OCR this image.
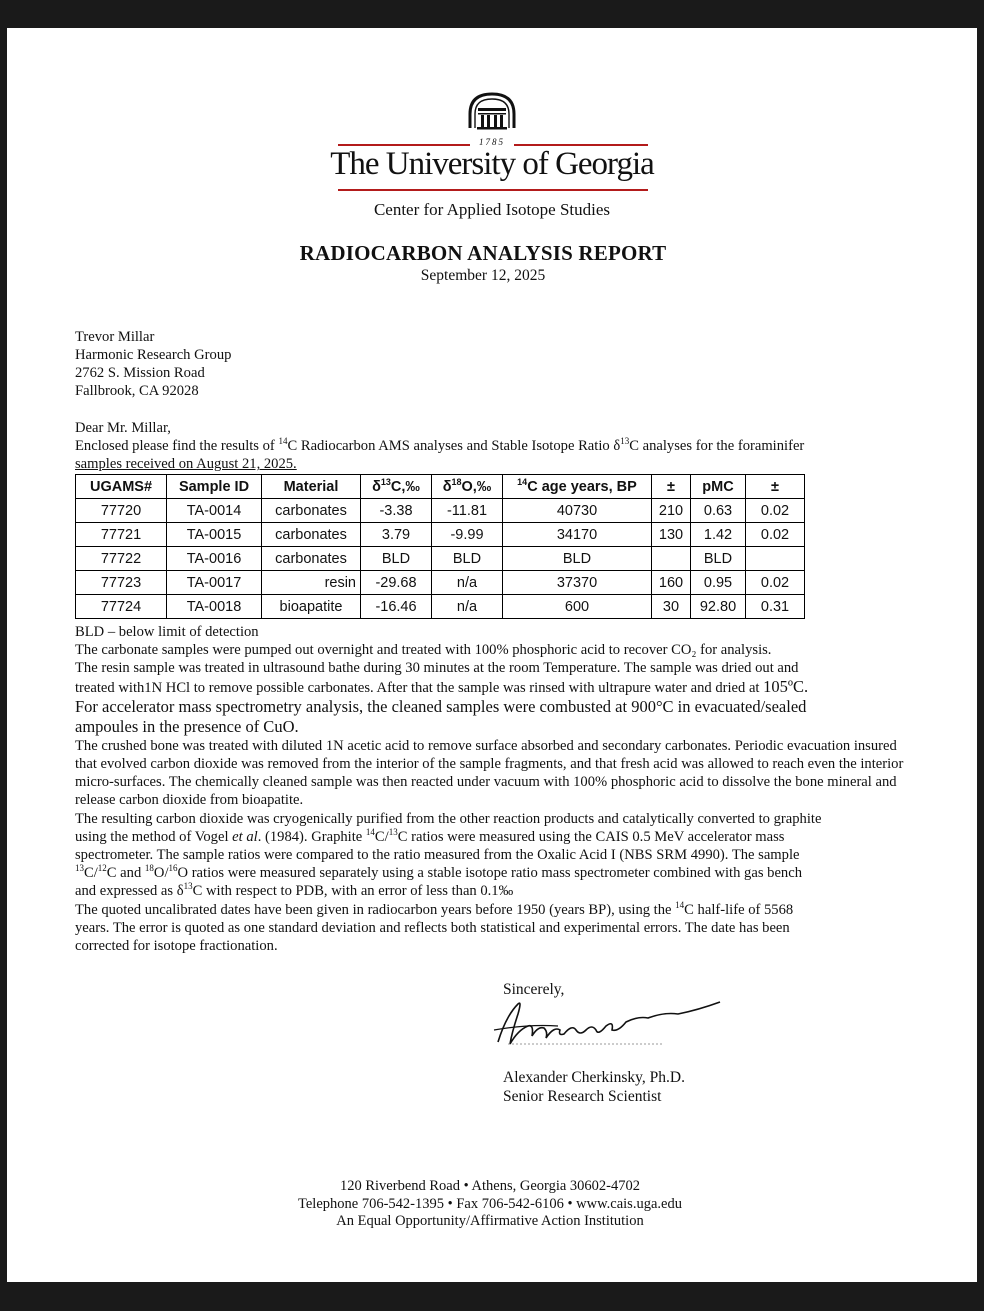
1785
The University of Georgia
Center for Applied Isotope Studies
RADIOCARBON ANALYSIS REPORT
September 12, 2025
Trevor Millar
Harmonic Research Group
2762 S. Mission Road
Fallbrook, CA 92028
Dear Mr. Millar,
Enclosed please find the results of $^{14}$C Radiocarbon AMS analyses and Stable Isotope Ratio $\delta^{13}C$ analyses for the foraminifer
samples received on August 21, 2025.
UGAMS#	Sample ID	Material	$\delta^{13}C,‰$	$\delta^{18}O,‰$	$^{14}$C age years, BP	±	pMC	±
77720	TA-0014	carbonates	-3.38	-11.81	40730	210	0.63	0.02
77721	TA-0015	carbonates	3.79	-9.99	34170	130	1.42	0.02
77722	TA-0016	carbonates	BLD	BLD	BLD		BLD	
77723	TA-0017	resin	-29.68	n/a	37370	160	0.95	0.02
77724	TA-0018	bioapatite	-16.46	n/a	600	30	92.80	0.31

BLD – below limit of detection

The carbonate samples were pumped out overnight and treated with 100% phosphoric acid to recover CO₂ for analysis.

The resin sample was treated in ultrasound bathe during 30 minutes at the room Temperature. The sample was dried out and

treated with1N HCl to remove possible carbonates. After that the sample was rinsed with ultrapure water and dried at 105ºC.

For accelerator mass spectrometry analysis, the cleaned samples were combusted at 900°C in evacuated/sealed

ampoules in the presence of CuO.

The crushed bone was treated with diluted 1N acetic acid to remove surface absorbed and secondary carbonates. Periodic evacuation insured that evolved carbon dioxide was removed from the interior of the sample fragments, and that fresh acid was allowed to reach even the interior micro-surfaces. The chemically cleaned sample was then reacted under vacuum with 100% phosphoric acid to dissolve the bone mineral and release carbon dioxide from bioapatite.

The resulting carbon dioxide was cryogenically purified from the other reaction products and catalytically converted to graphite

using the method of Vogel et al. (1984). Graphite $^{14}$C/$^{13}$C ratios were measured using the CAIS 0.5 MeV accelerator mass

spectrometer. The sample ratios were compared to the ratio measured from the Oxalic Acid I (NBS SRM 4990). The sample

$^{13}$C/$^{12}$C and $^{18}$O/$^{16}$O ratios were measured separately using a stable isotope ratio mass spectrometer combined with gas bench

and expressed as $\delta^{13}C$ with respect to PDB, with an error of less than 0.1‰

The quoted uncalibrated dates have been given in radiocarbon years before 1950 (years BP), using the $^{14}$C half-life of 5568

years. The error is quoted as one standard deviation and reflects both statistical and experimental errors. The date has been

corrected for isotope fractionation.

Sincerely,
Alexander Cherkinsky, Ph.D.
Senior Research Scientist
120 Riverbend Road • Athens, Georgia 30602-4702
Telephone 706-542-1395 • Fax 706-542-6106 • www.cais.uga.edu
An Equal Opportunity/Affirmative Action Institution
